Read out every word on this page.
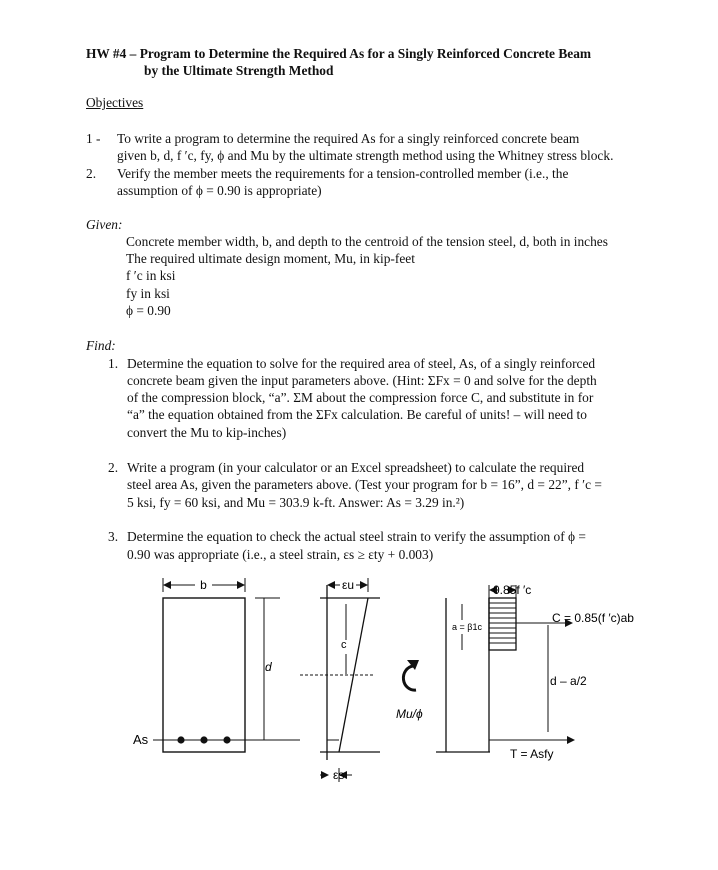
HW #4 – Program to Determine the Required As for a Singly Reinforced Concrete Beam
by the Ultimate Strength Method
Objectives
1 - To write a program to determine the required As for a singly reinforced concrete beam
given b, d, f ′c, fy, ϕ and Mu by the ultimate strength method using the Whitney stress block.
2. Verify the member meets the requirements for a tension-controlled member (i.e., the
assumption of ϕ = 0.90 is appropriate)
Given:
Concrete member width, b, and depth to the centroid of the tension steel, d, both in inches
The required ultimate design moment, Mu, in kip-feet
f ′c in ksi
fy in ksi
ϕ = 0.90
Find:
1. Determine the equation to solve for the required area of steel, As, of a singly reinforced
concrete beam given the input parameters above. (Hint: ΣFx = 0 and solve for the depth
of the compression block, “a”. ΣM about the compression force C, and substitute in for
“a” the equation obtained from the ΣFx calculation. Be careful of units! – will need to
convert the Mu to kip-inches)
2. Write a program (in your calculator or an Excel spreadsheet) to calculate the required
steel area As, given the parameters above. (Test your program for b = 16”, d = 22”, f ′c =
5 ksi, fy = 60 ksi, and Mu = 303.9 k-ft. Answer: As = 3.29 in.²)
3. Determine the equation to check the actual steel strain to verify the assumption of ϕ =
0.90 was appropriate (i.e., a steel strain, εs ≥ εty + 0.003)
b
d
As
εu
c
εs
Mu/ϕ
0.85f ′c
a = β1c
C = 0.85(f ′c)ab
d – a/2
T = Asfy
